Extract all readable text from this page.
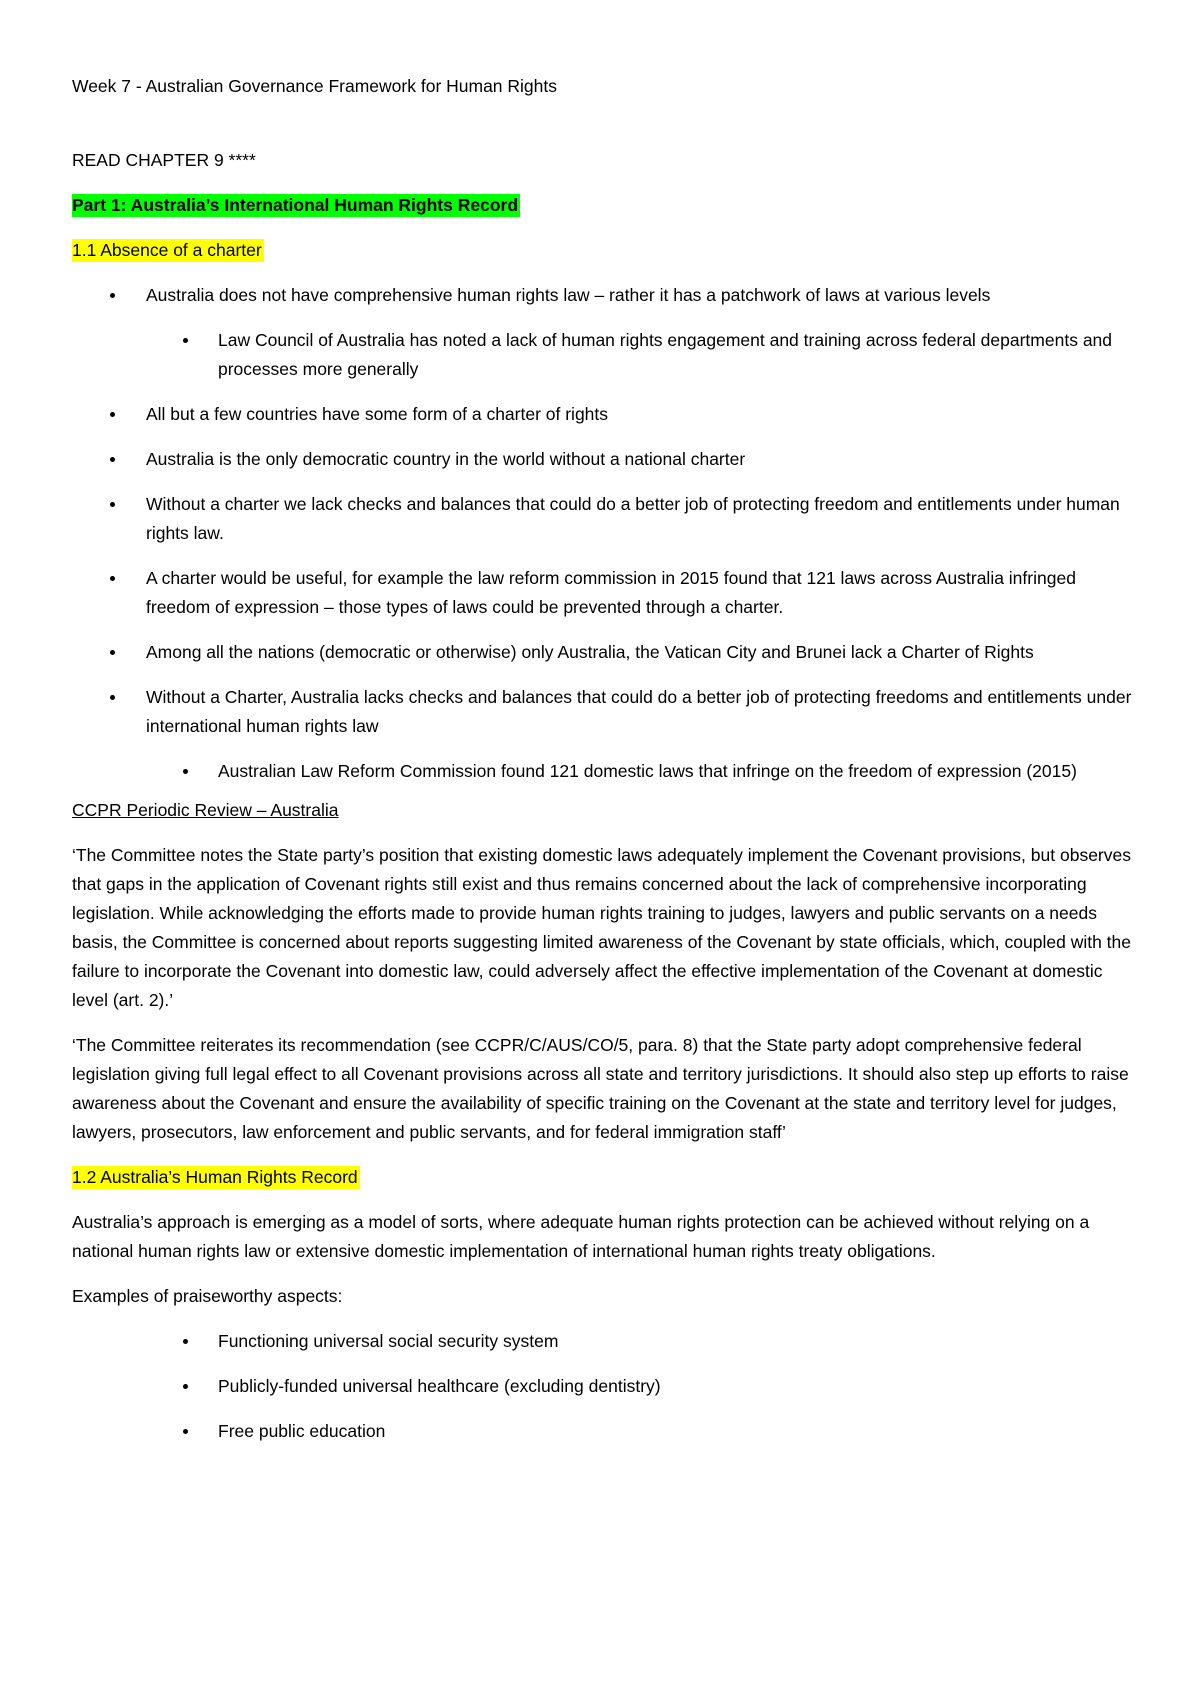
Week 7 - Australian Governance Framework for Human Rights

READ CHAPTER 9 ****

Part 1: Australia’s International Human Rights Record

1.1 Absence of a charter

Australia does not have comprehensive human rights law – rather it has a patchwork of laws at various levels
Law Council of Australia has noted a lack of human rights engagement and training across federal departments and processes more generally
All but a few countries have some form of a charter of rights
Australia is the only democratic country in the world without a national charter
Without a charter we lack checks and balances that could do a better job of protecting freedom and entitlements under human rights law.
A charter would be useful, for example the law reform commission in 2015 found that 121 laws across Australia infringed freedom of expression – those types of laws could be prevented through a charter.
Among all the nations (democratic or otherwise) only Australia, the Vatican City and Brunei lack a Charter of Rights
Without a Charter, Australia lacks checks and balances that could do a better job of protecting freedoms and entitlements under international human rights law
Australian Law Reform Commission found 121 domestic laws that infringe on the freedom of expression (2015)

CCPR Periodic Review – Australia

‘The Committee notes the State party’s position that existing domestic laws adequately implement the Covenant provisions, but observes that gaps in the application of Covenant rights still exist and thus remains concerned about the lack of comprehensive incorporating legislation. While acknowledging the efforts made to provide human rights training to judges, lawyers and public servants on a needs basis, the Committee is concerned about reports suggesting limited awareness of the Covenant by state officials, which, coupled with the failure to incorporate the Covenant into domestic law, could adversely affect the effective implementation of the Covenant at domestic level (art. 2).’

‘The Committee reiterates its recommendation (see CCPR/C/AUS/CO/5, para. 8) that the State party adopt comprehensive federal legislation giving full legal effect to all Covenant provisions across all state and territory jurisdictions. It should also step up efforts to raise awareness about the Covenant and ensure the availability of specific training on the Covenant at the state and territory level for judges, lawyers, prosecutors, law enforcement and public servants, and for federal immigration staff’

1.2 Australia’s Human Rights Record

Australia’s approach is emerging as a model of sorts, where adequate human rights protection can be achieved without relying on a national human rights law or extensive domestic implementation of international human rights treaty obligations.

Examples of praiseworthy aspects:

Functioning universal social security system
Publicly-funded universal healthcare (excluding dentistry)
Free public education
